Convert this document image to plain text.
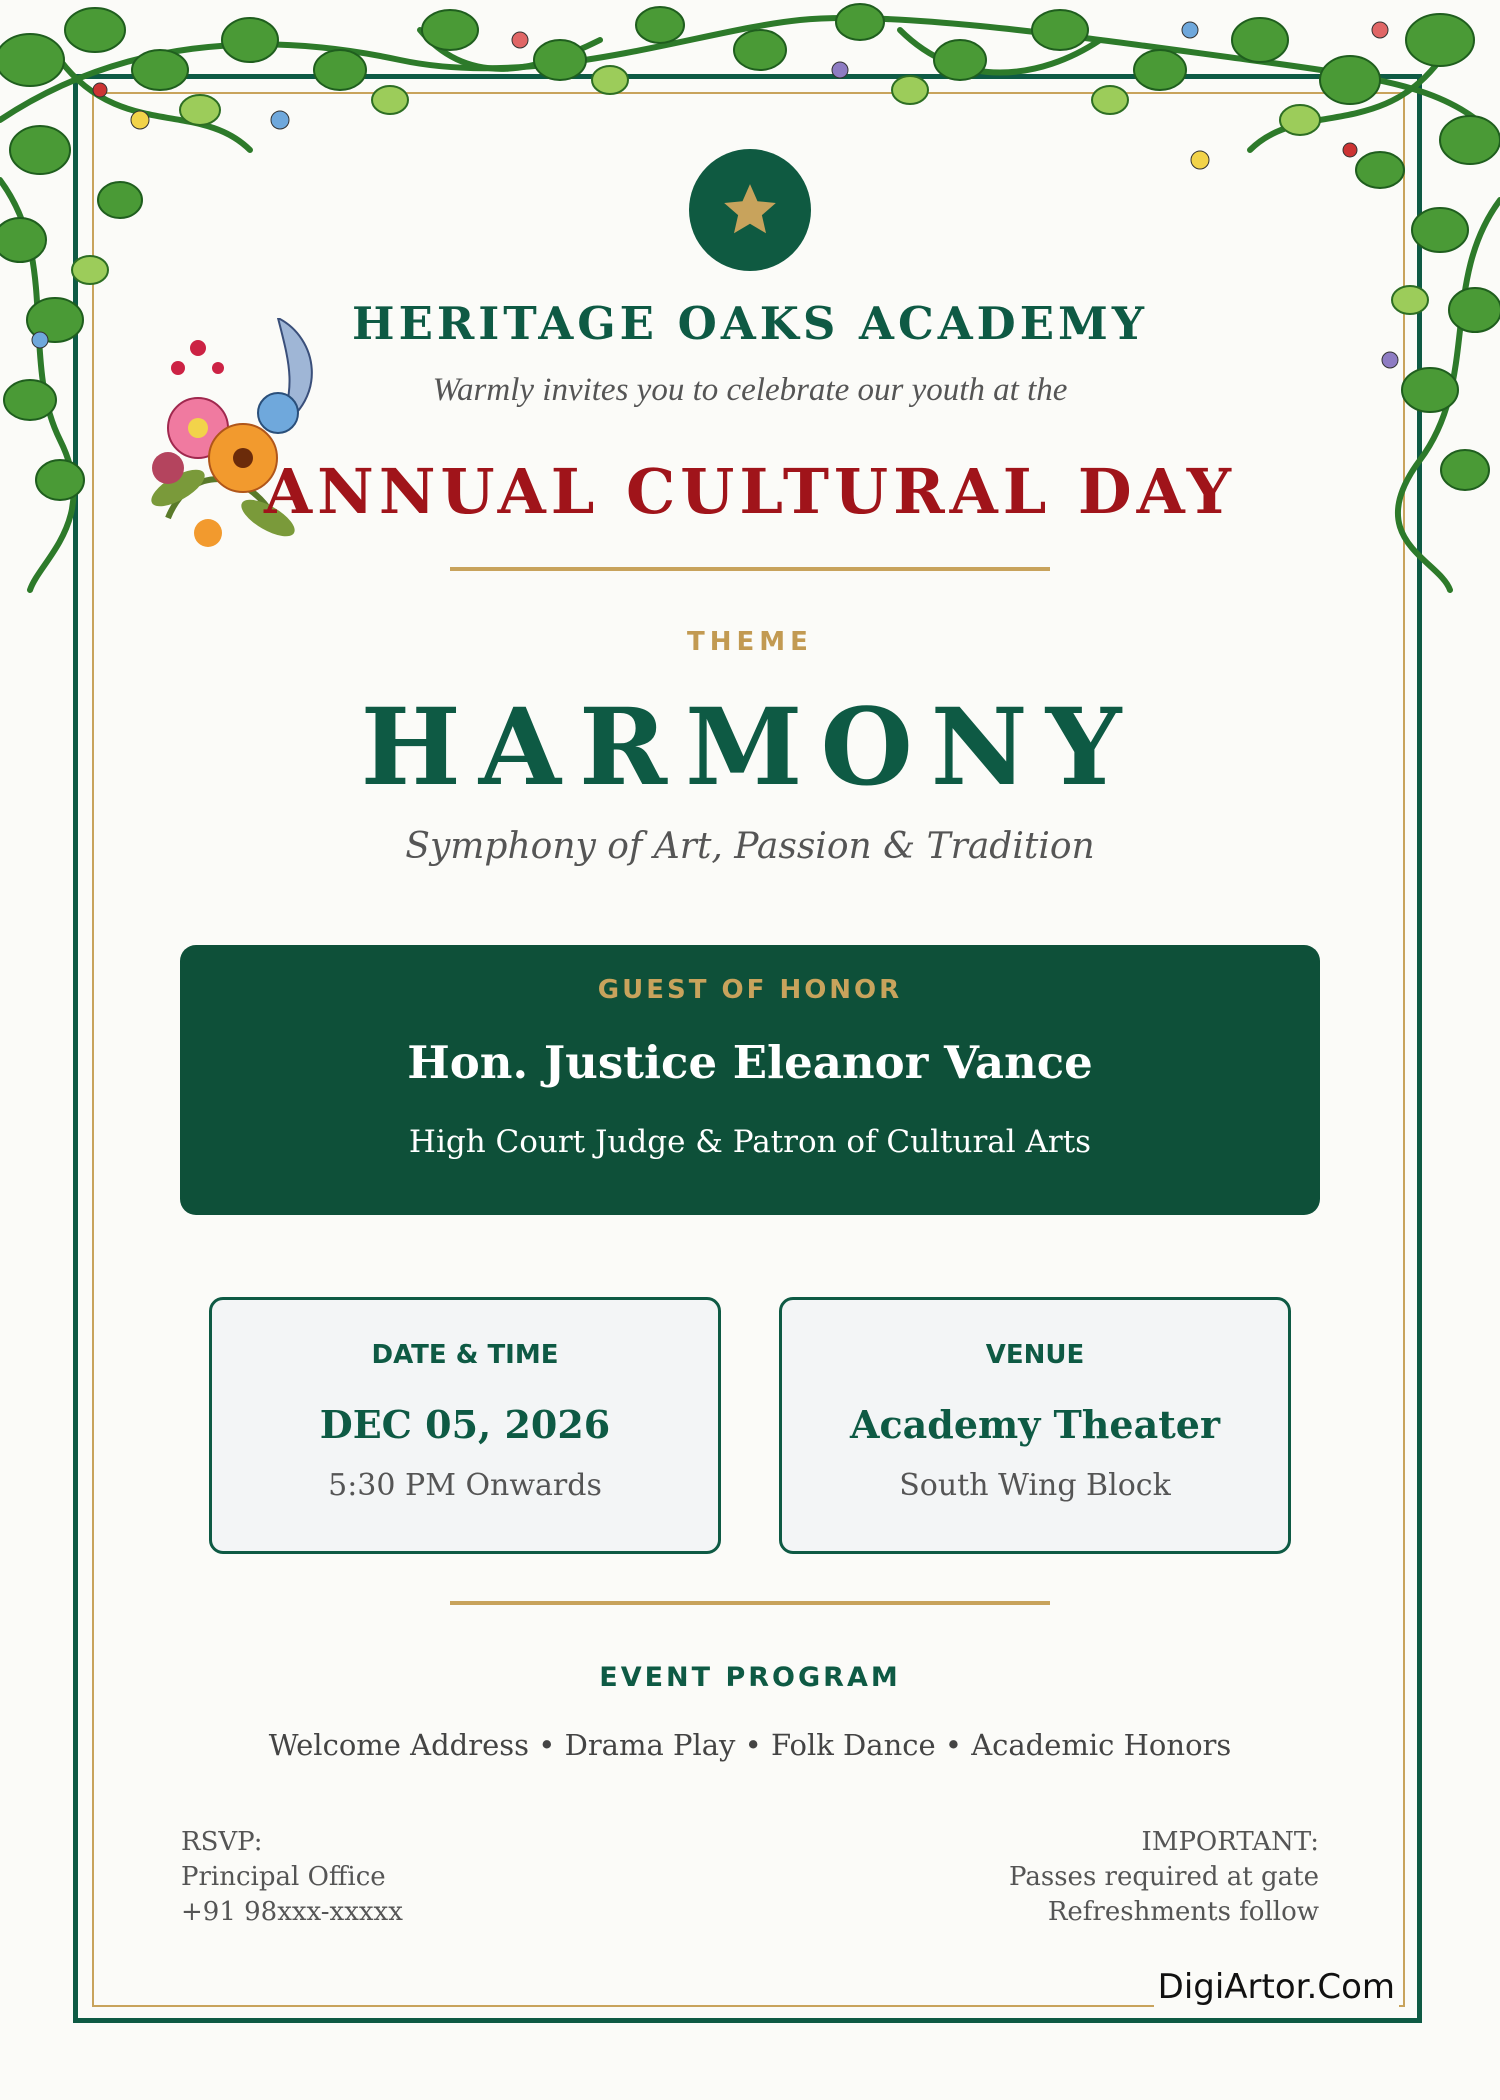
HERITAGE OAKS ACADEMY
Warmly invites you to celebrate our youth at the
ANNUAL CULTURAL DAY
THEME
HARMONY
Symphony of Art, Passion & Tradition
GUEST OF HONOR
Hon. Justice Eleanor Vance
High Court Judge & Patron of Cultural Arts
DATE & TIME
DEC 05, 2026
5:30 PM Onwards
VENUE
Academy Theater
South Wing Block
EVENT PROGRAM
Welcome Address • Drama Play • Folk Dance • Academic Honors
RSVP:
Principal Office
+91 98xxx-xxxxx
IMPORTANT:
Passes required at gate
Refreshments follow
DigiArtor.Com
